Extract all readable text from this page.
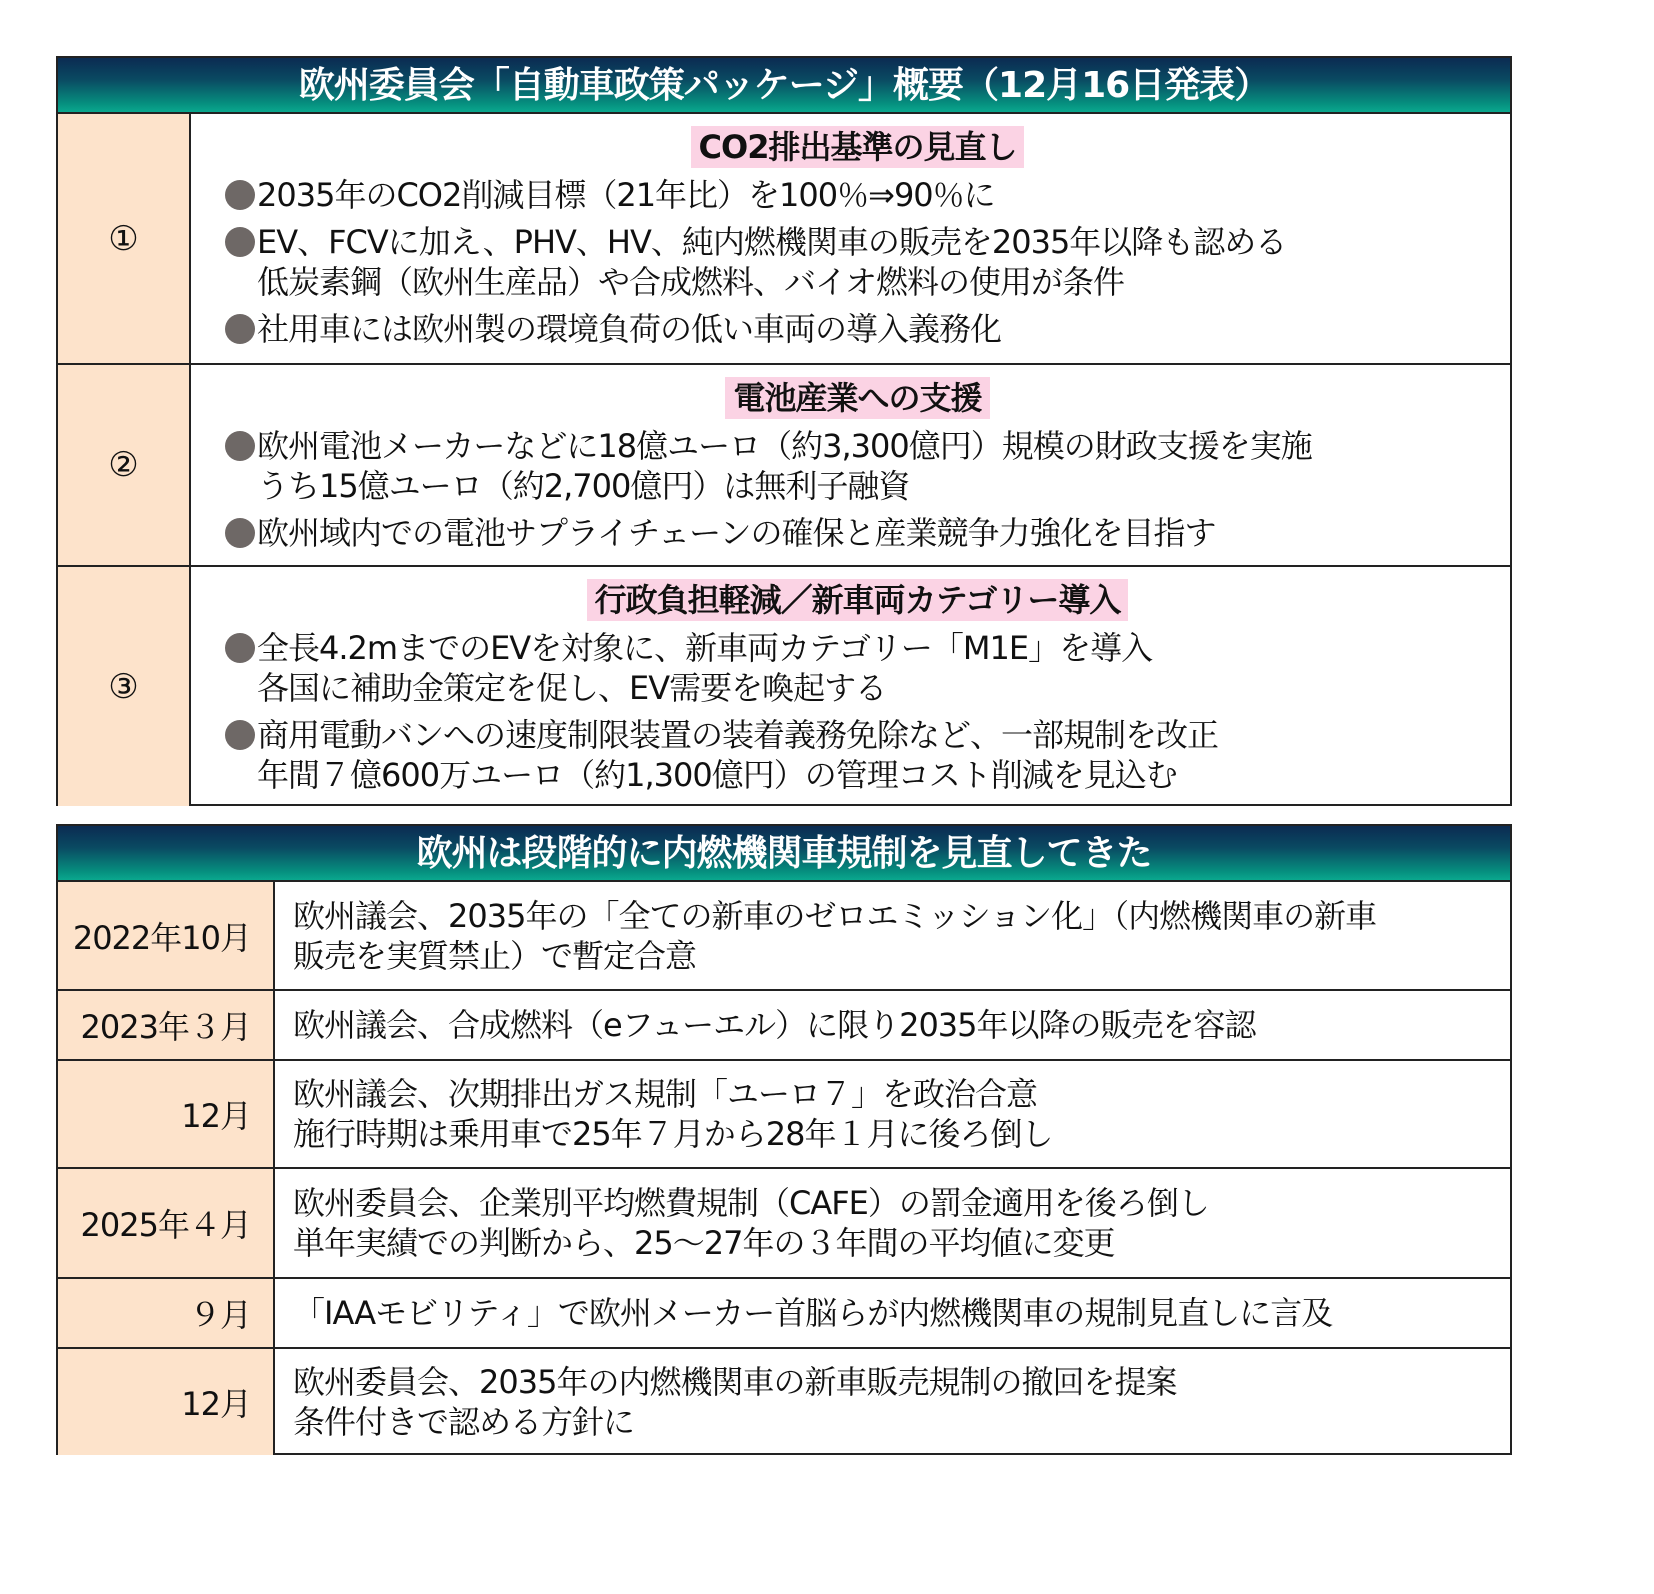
欧州委員会「自動車政策パッケージ」概要（12月16日発表）
①
CO2排出基準の見直し
2035年のCO2削減目標（21年比）を100％⇒90％に
EV、FCVに加え、PHV、HV、純内燃機関車の販売を2035年以降も認める
低炭素鋼（欧州生産品）や合成燃料、バイオ燃料の使用が条件
社用車には欧州製の環境負荷の低い車両の導入義務化
②
電池産業への支援
欧州電池メーカーなどに18億ユーロ（約3,300億円）規模の財政支援を実施
うち15億ユーロ（約2,700億円）は無利子融資
欧州域内での電池サプライチェーンの確保と産業競争力強化を目指す
③
行政負担軽減／新車両カテゴリー導入
全長4.2mまでのEVを対象に、新車両カテゴリー「M1E」を導入
各国に補助金策定を促し、EV需要を喚起する
商用電動バンへの速度制限装置の装着義務免除など、一部規制を改正
年間７億600万ユーロ（約1,300億円）の管理コスト削減を見込む
欧州は段階的に内燃機関車規制を見直してきた
2022年10月
欧州議会、2035年の「全ての新車のゼロエミッション化」（内燃機関車の新車
販売を実質禁止）で暫定合意
2023年３月	欧州議会、合成燃料（eフューエル）に限り2035年以降の販売を容認
12月
欧州議会、次期排出ガス規制「ユーロ７」を政治合意
施行時期は乗用車で25年７月から28年１月に後ろ倒し
2025年４月
欧州委員会、企業別平均燃費規制（CAFE）の罰金適用を後ろ倒し
単年実績での判断から、25〜27年の３年間の平均値に変更
９月	「IAAモビリティ」で欧州メーカー首脳らが内燃機関車の規制見直しに言及
12月
欧州委員会、2035年の内燃機関車の新車販売規制の撤回を提案
条件付きで認める方針に
